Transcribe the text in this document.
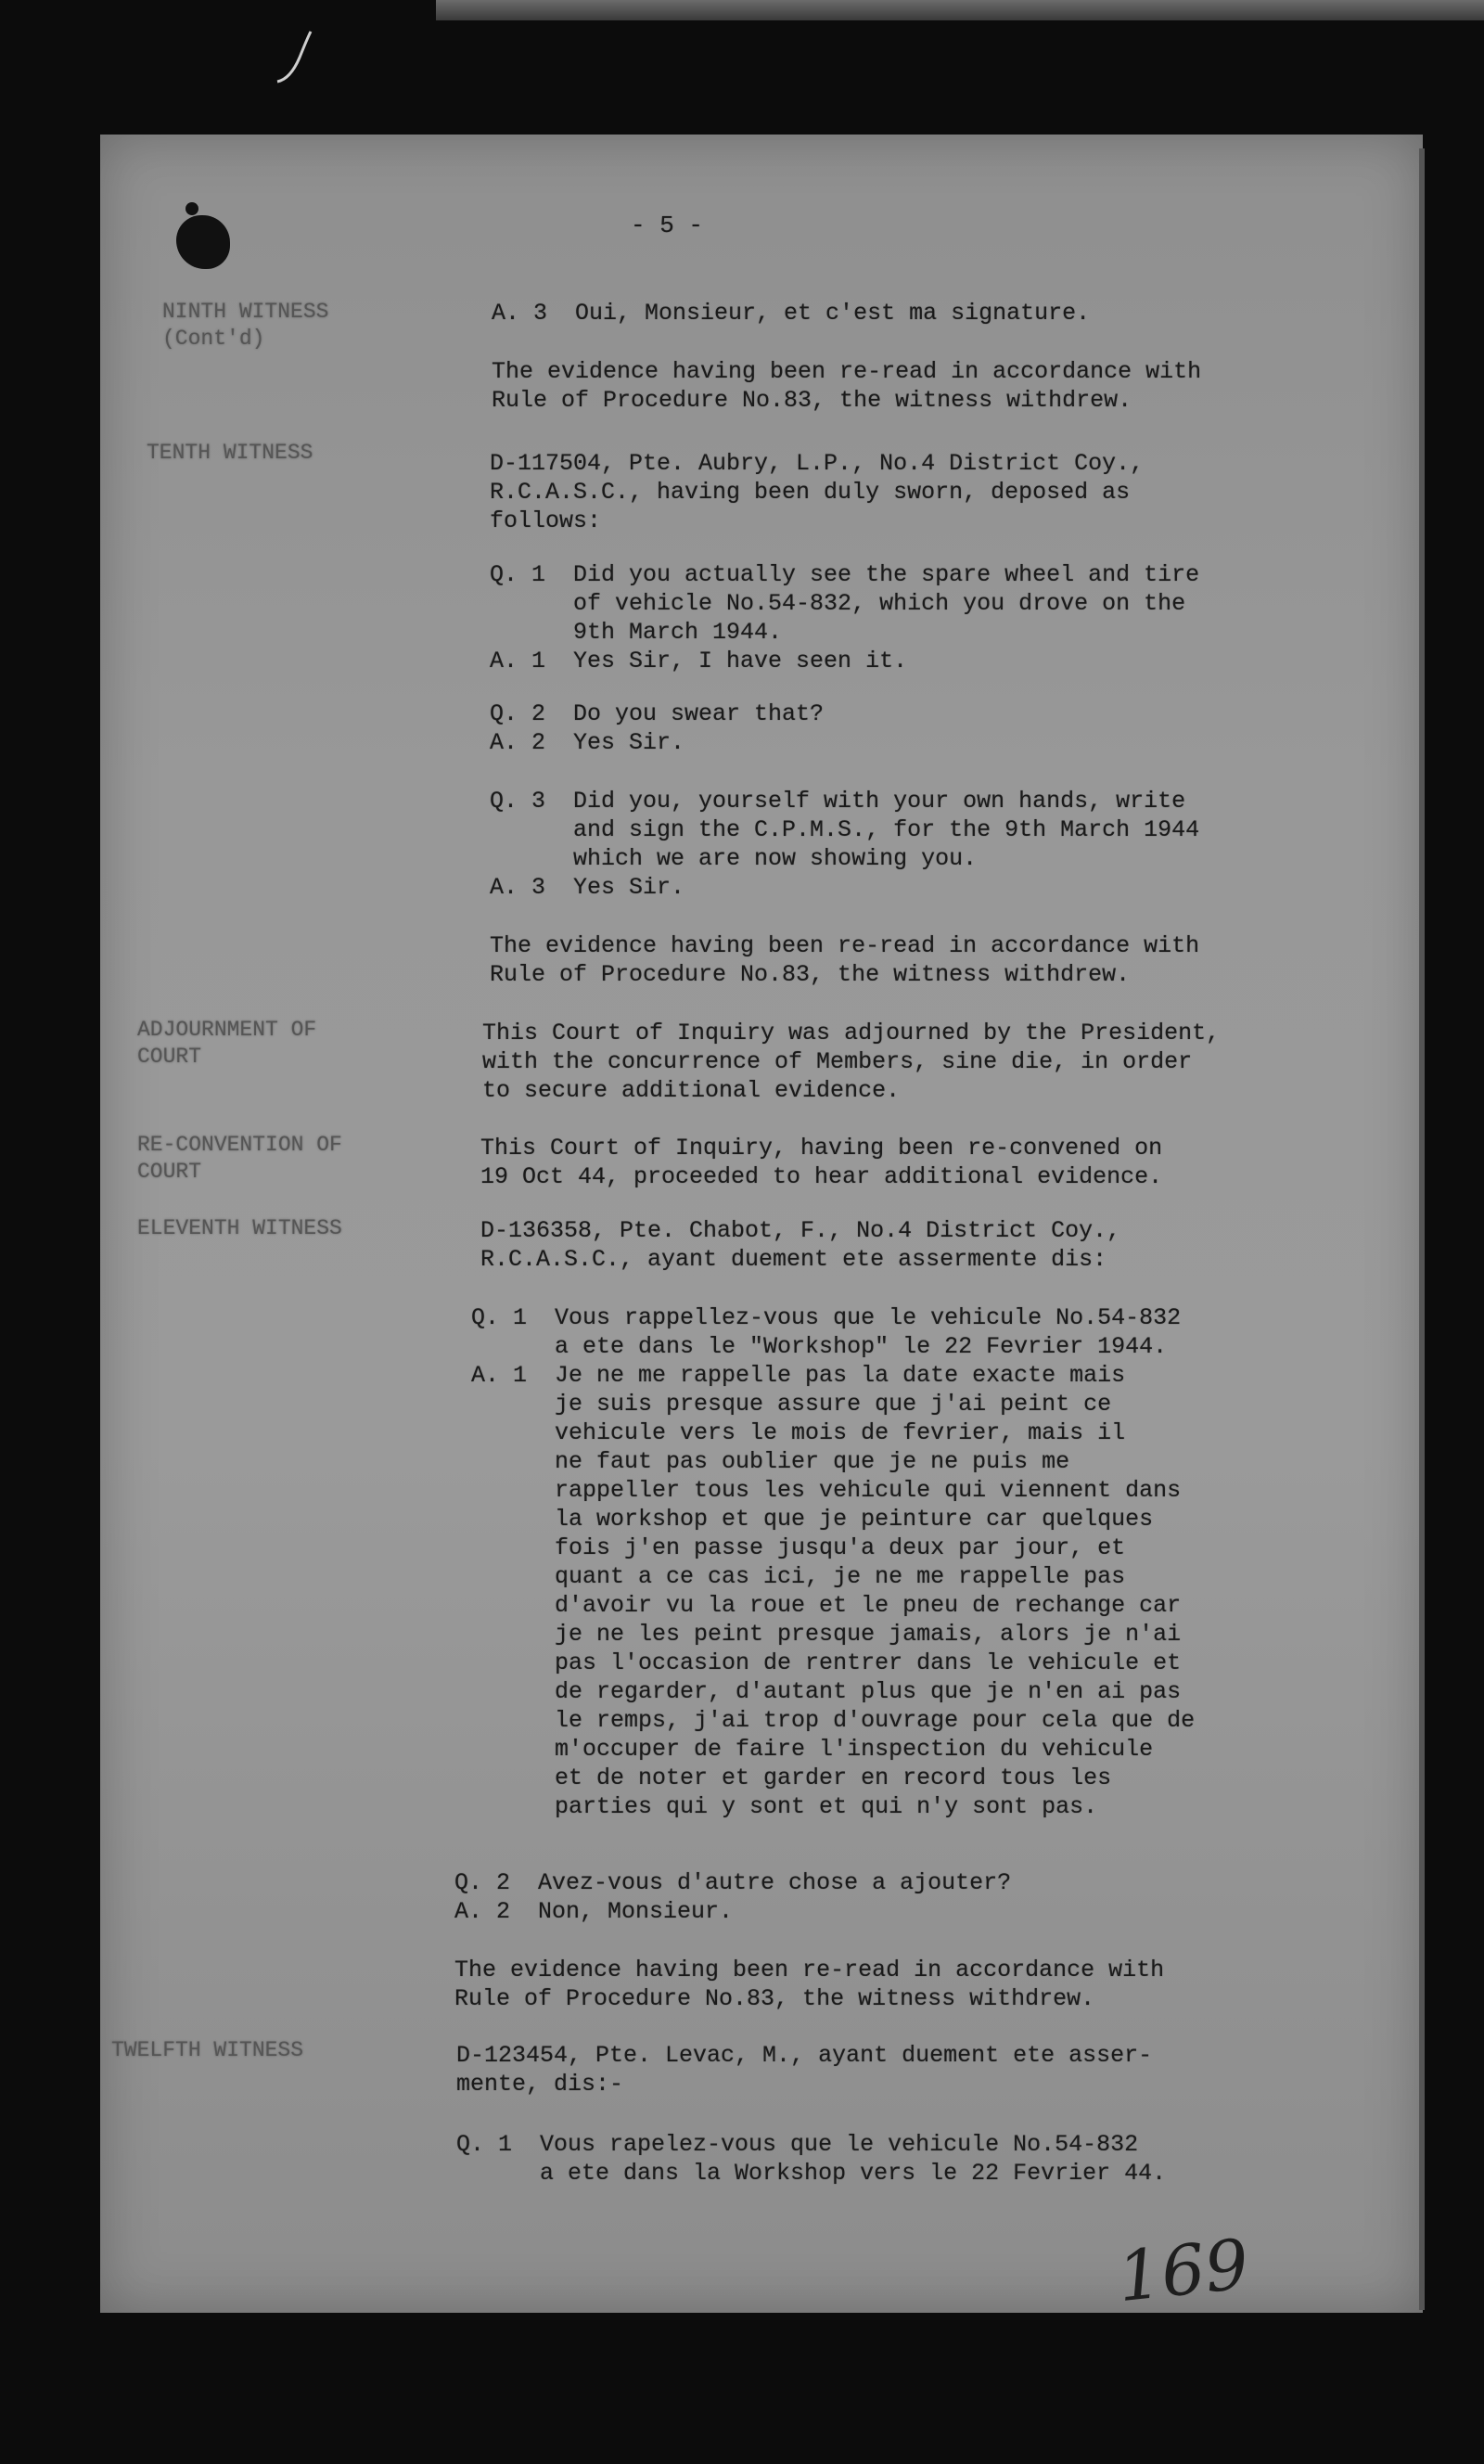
- 5 -

NINTH WITNESS
(Cont'd)

TENTH WITNESS

ADJOURNMENT OF
COURT

RE-CONVENTION OF
COURT

ELEVENTH WITNESS

TWELFTH WITNESS

A. 3  Oui, Monsieur, et c'est ma signature.

The evidence having been re-read in accordance with
Rule of Procedure No.83, the witness withdrew.

D-117504, Pte. Aubry, L.P., No.4 District Coy.,
R.C.A.S.C., having been duly sworn, deposed as
follows:

Q. 1  Did you actually see the spare wheel and tire
of vehicle No.54-832, which you drove on the
9th March 1944.
A. 1  Yes Sir, I have seen it.

Q. 2  Do you swear that?
A. 2  Yes Sir.

Q. 3  Did you, yourself with your own hands, write
and sign the C.P.M.S., for the 9th March 1944
which we are now showing you.
A. 3  Yes Sir.

The evidence having been re-read in accordance with
Rule of Procedure No.83, the witness withdrew.

This Court of Inquiry was adjourned by the President,
with the concurrence of Members, sine die, in order
to secure additional evidence.

This Court of Inquiry, having been re-convened on
19 Oct 44, proceeded to hear additional evidence.

D-136358, Pte. Chabot, F., No.4 District Coy.,
R.C.A.S.C., ayant duement ete assermente dis:

Q. 1  Vous rappellez-vous que le vehicule No.54-832
a ete dans le "Workshop" le 22 Fevrier 1944.
A. 1  Je ne me rappelle pas la date exacte mais
je suis presque assure que j'ai peint ce
vehicule vers le mois de fevrier, mais il
ne faut pas oublier que je ne puis me
rappeller tous les vehicule qui viennent dans
la workshop et que je peinture car quelques
fois j'en passe jusqu'a deux par jour, et
quant a ce cas ici, je ne me rappelle pas
d'avoir vu la roue et le pneu de rechange car
je ne les peint presque jamais, alors je n'ai
pas l'occasion de rentrer dans le vehicule et
de regarder, d'autant plus que je n'en ai pas
le remps, j'ai trop d'ouvrage pour cela que de
m'occuper de faire l'inspection du vehicule
et de noter et garder en record tous les
parties qui y sont et qui n'y sont pas.

Q. 2  Avez-vous d'autre chose a ajouter?
A. 2  Non, Monsieur.

The evidence having been re-read in accordance with
Rule of Procedure No.83, the witness withdrew.

D-123454, Pte. Levac, M., ayant duement ete asser-
mente, dis:-

Q. 1  Vous rapelez-vous que le vehicule No.54-832
a ete dans la Workshop vers le 22 Fevrier 44.

169
